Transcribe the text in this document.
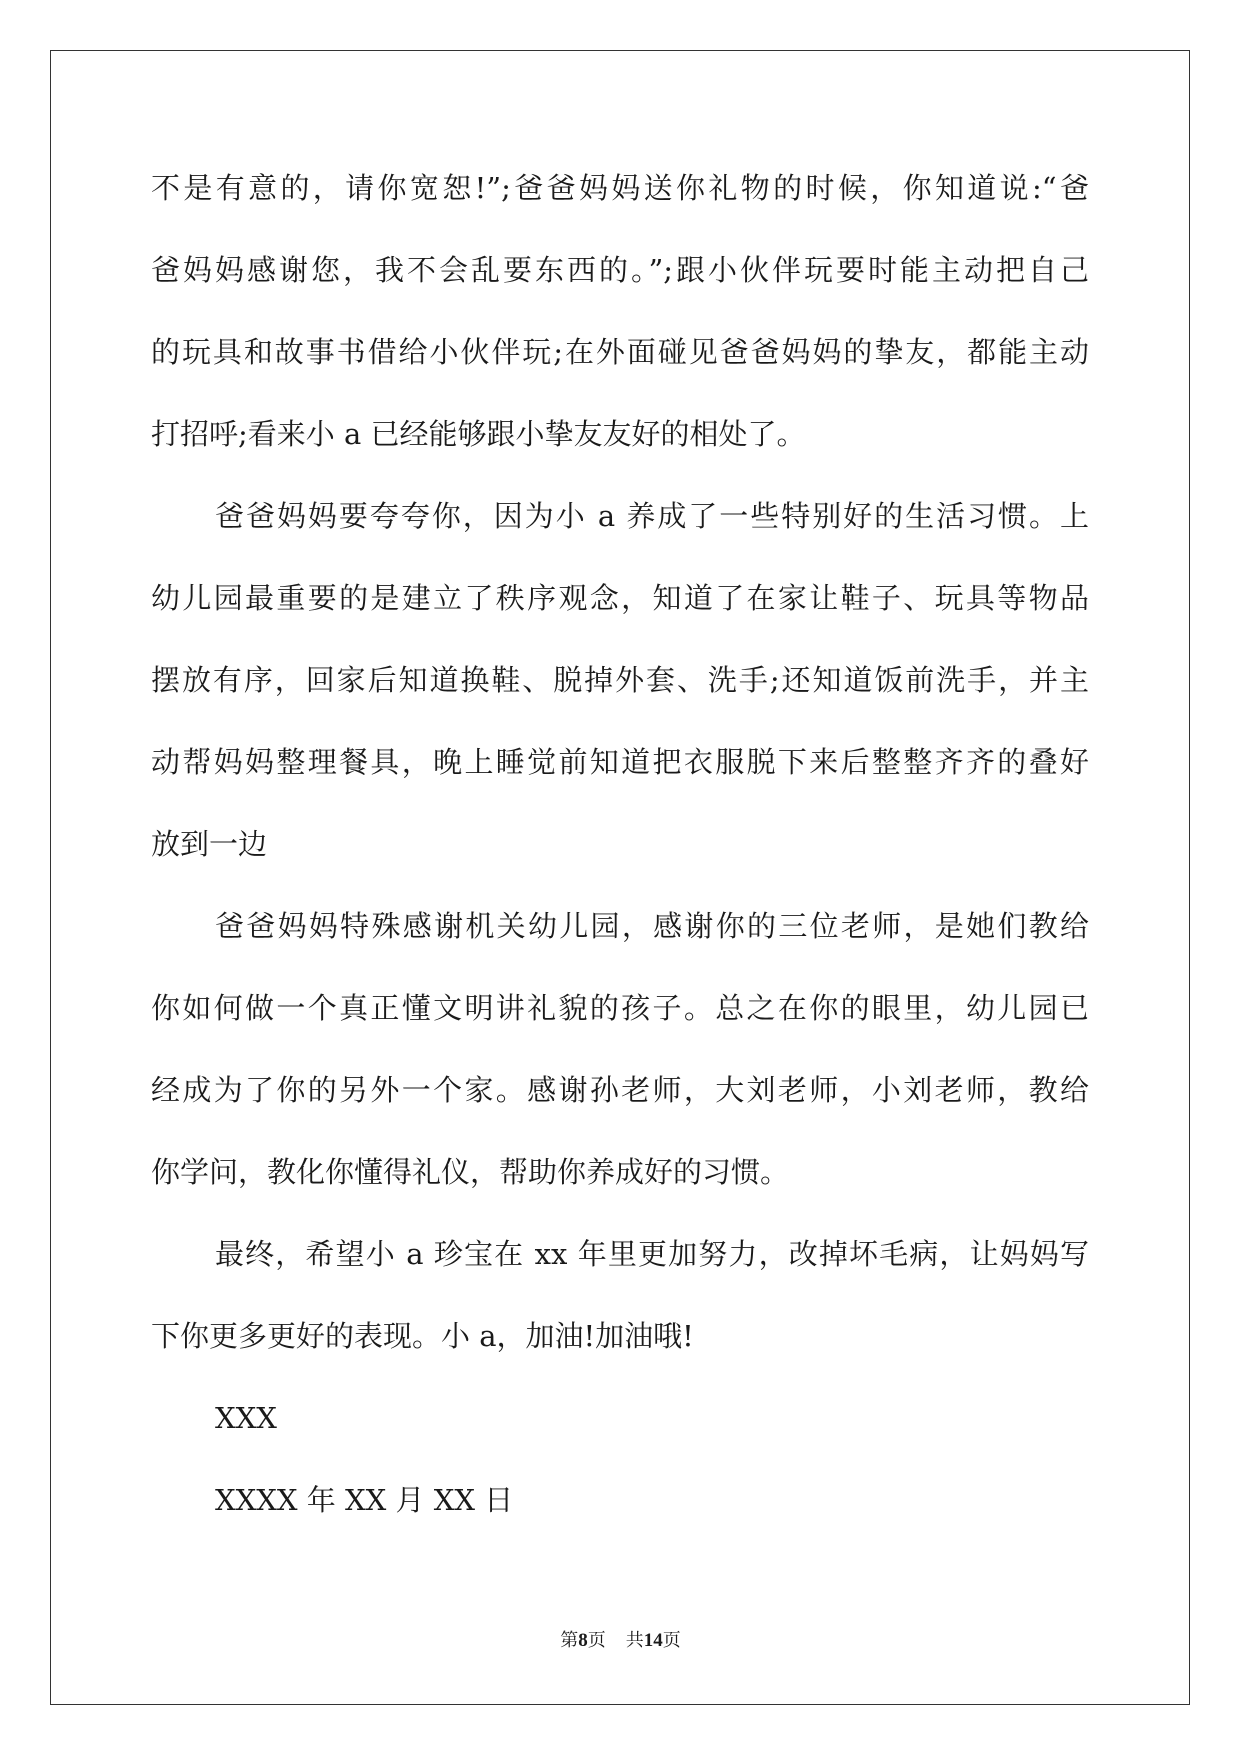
不是有意的，请你宽恕!”;爸爸妈妈送你礼物的时候，你知道说:“爸
爸妈妈感谢您，我不会乱要东西的。”;跟小伙伴玩要时能主动把自己
的玩具和故事书借给小伙伴玩;在外面碰见爸爸妈妈的挚友，都能主动
打招呼;看来小 a 已经能够跟小挚友友好的相处了。
爸爸妈妈要夸夸你，因为小 a 养成了一些特别好的生活习惯。上
幼儿园最重要的是建立了秩序观念，知道了在家让鞋子、玩具等物品
摆放有序，回家后知道换鞋、脱掉外套、洗手;还知道饭前洗手，并主
动帮妈妈整理餐具，晚上睡觉前知道把衣服脱下来后整整齐齐的叠好
放到一边
爸爸妈妈特殊感谢机关幼儿园，感谢你的三位老师，是她们教给
你如何做一个真正懂文明讲礼貌的孩子。总之在你的眼里，幼儿园已
经成为了你的另外一个家。感谢孙老师，大刘老师，小刘老师，教给
你学问，教化你懂得礼仪，帮助你养成好的习惯。
最终，希望小 a 珍宝在 xx 年里更加努力，改掉坏毛病，让妈妈写
下你更多更好的表现。小 a，加油!加油哦!
XXX
XXXX 年 XX 月 XX 日
第8页 共14页
